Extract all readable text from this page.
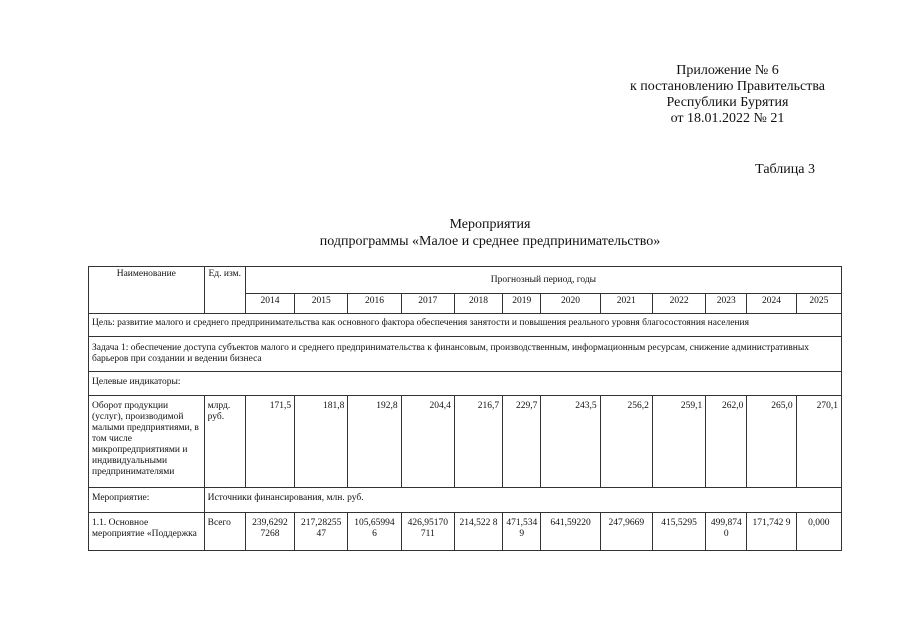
Приложение № 6
к постановлению Правительства
Республики Бурятия
от 18.01.2022 № 21
Таблица 3
Мероприятия
подпрограммы «Малое и среднее предпринимательство»
Наименование	Ед. изм.	Прогнозный период, годы											
		2014	2015	2016	2017	2018	2019	2020	2021	2022	2023	2024	2025
Цель: развитие малого и среднего предпринимательства как основного фактора обеспечения занятости и повышения реального уровня благосостояния населения													
Задача 1: обеспечение доступа субъектов малого и среднего предпринимательства к финансовым, производственным, информационным ресурсам, снижение административных барьеров при создании и ведении бизнеса													
Целевые индикаторы:													
Оборот продукции (услуг), производимой малыми предприятиями, в том числе микропредприятиями и индивидуальными предпринимателями	млрд. руб.	171,5	181,8	192,8	204,4	216,7	229,7	243,5	256,2	259,1	262,0	265,0	270,1
Мероприятие:	Источники финансирования, млн. руб.												
1.1. Основное мероприятие «Поддержка	Всего	239,6292 7268	217,28255 47	105,65994 6	426,95170 711	214,522 8	471,534 9	641,59220	247,9669	415,5295	499,874 0	171,742 9	0,000
